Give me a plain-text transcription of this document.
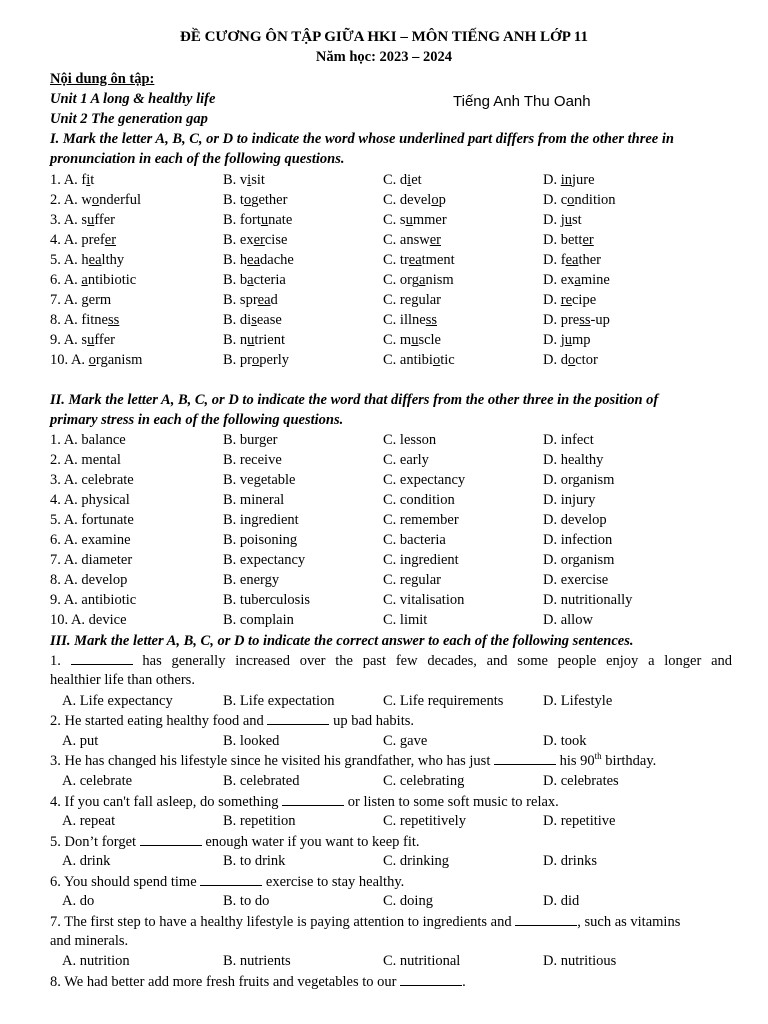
ĐỀ CƯƠNG ÔN TẬP GIỮA HKI – MÔN TIẾNG ANH LỚP 11
Năm học: 2023 – 2024
Nội dung ôn tập:
Unit 1 A long & healthy life	Tiếng Anh Thu Oanh
Unit 2 The generation gap
I. Mark the letter A, B, C, or D to indicate the word whose underlined part differs from the other three in
pronunciation in each of the following questions.
1. A. fit	B. visit	C. diet	D. injure
2. A. wonderful	B. together	C. develop	D. condition
3. A. suffer	B. fortunate	C. summer	D. just
4. A. prefer	B. exercise	C. answer	D. better
5. A. healthy	B. headache	C. treatment	D. feather
6. A. antibiotic	B. bacteria	C. organism	D. examine
7. A. germ	B. spread	C. regular	D. recipe
8. A. fitness	B. disease	C. illness	D. press-up
9. A. suffer	B. nutrient	C. muscle	D. jump
10. A. organism	B. properly	C. antibiotic	D. doctor
II. Mark the letter A, B, C, or D to indicate the word that differs from the other three in the position of
primary stress in each of the following questions.
1. A. balance	B. burger	C. lesson	D. infect
2. A. mental	B. receive	C. early	D. healthy
3. A. celebrate	B. vegetable	C. expectancy	D. organism
4. A. physical	B. mineral	C. condition	D. injury
5. A. fortunate	B. ingredient	C. remember	D. develop
6. A. examine	B. poisoning	C. bacteria	D. infection
7. A. diameter	B. expectancy	C. ingredient	D. organism
8. A. develop	B. energy	C. regular	D. exercise
9. A. antibiotic	B. tuberculosis	C. vitalisation	D. nutritionally
10. A. device	B. complain	C. limit	D. allow
III. Mark the letter A, B, C, or D to indicate the correct answer to each of the following sentences.
1.	has generally increased over the past few decades, and some people enjoy a longer and
healthier life than others.
A. Life expectancy	B. Life expectation	C. Life requirements	D. Lifestyle
2. He started eating healthy food and	up bad habits.
A. put	B. looked	C. gave	D. took
3. He has changed his lifestyle since he visited his grandfather, who has just	his 90th birthday.
A. celebrate	B. celebrated	C. celebrating	D. celebrates
4. If you can't fall asleep, do something	or listen to some soft music to relax.
A. repeat	B. repetition	C. repetitively	D. repetitive
5. Don’t forget	enough water if you want to keep fit.
A. drink	B. to drink	C. drinking	D. drinks
6. You should spend time	exercise to stay healthy.
A. do	B. to do	C. doing	D. did
7. The first step to have a healthy lifestyle is paying attention to ingredients and	, such as vitamins
and minerals.
A. nutrition	B. nutrients	C. nutritional	D. nutritious
8. We had better add more fresh fruits and vegetables to our	.
